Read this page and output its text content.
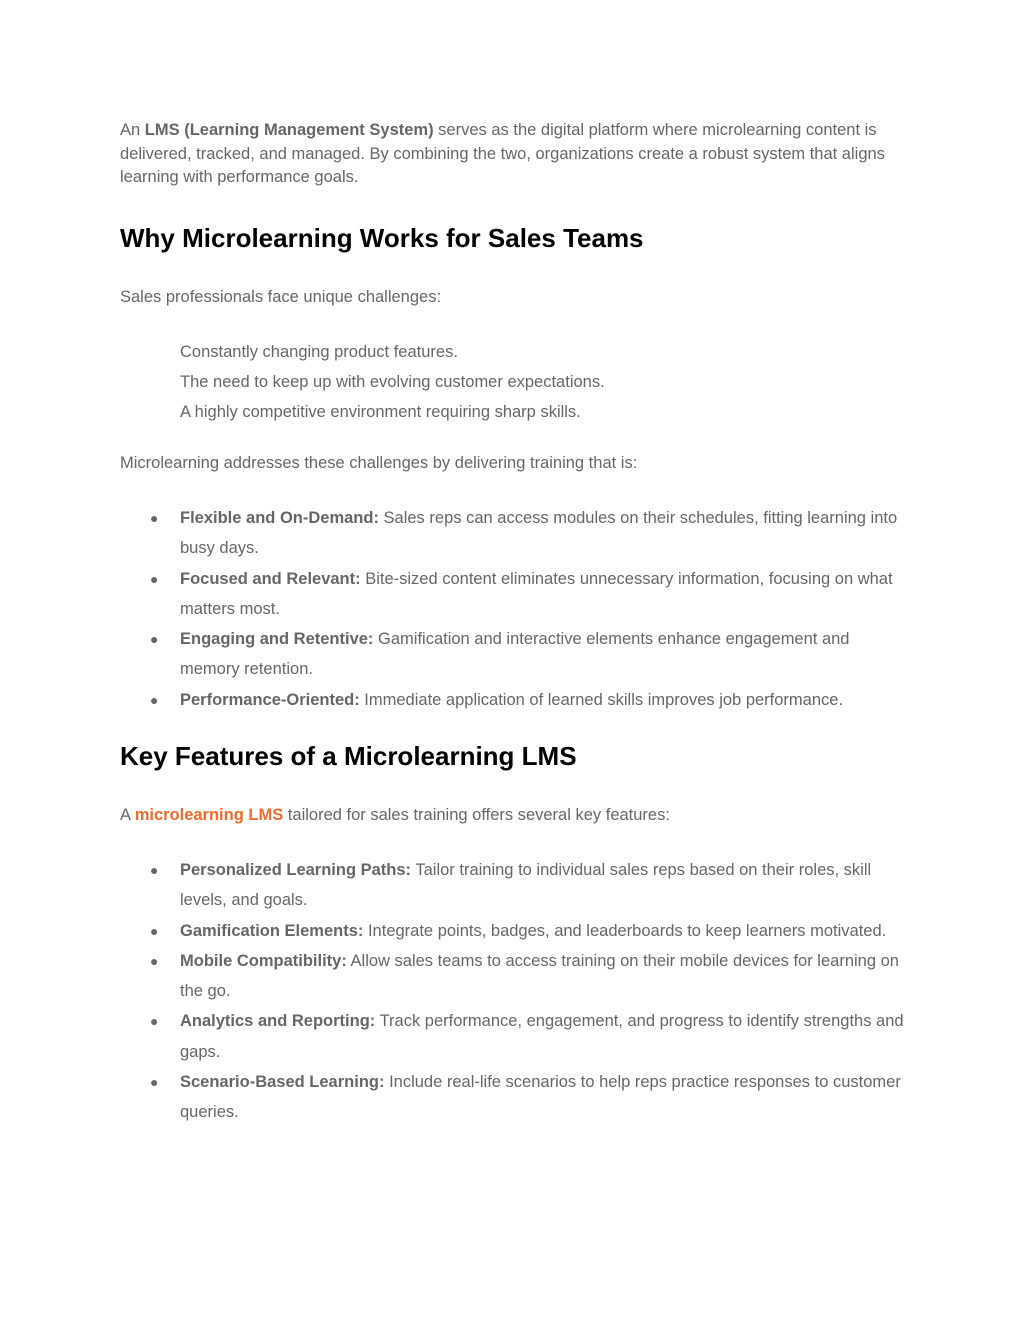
An LMS (Learning Management System) serves as the digital platform where microlearning content is delivered, tracked, and managed. By combining the two, organizations create a robust system that aligns learning with performance goals.

Why Microlearning Works for Sales Teams

Sales professionals face unique challenges:

Constantly changing product features.
The need to keep up with evolving customer expectations.
A highly competitive environment requiring sharp skills.

Microlearning addresses these challenges by delivering training that is:

● Flexible and On-Demand: Sales reps can access modules on their schedules, fitting learning into busy days.
● Focused and Relevant: Bite-sized content eliminates unnecessary information, focusing on what matters most.
● Engaging and Retentive: Gamification and interactive elements enhance engagement and memory retention.
● Performance-Oriented: Immediate application of learned skills improves job performance.
Key Features of a Microlearning LMS

A microlearning LMS tailored for sales training offers several key features:

● Personalized Learning Paths: Tailor training to individual sales reps based on their roles, skill levels, and goals.
● Gamification Elements: Integrate points, badges, and leaderboards to keep learners motivated.
● Mobile Compatibility: Allow sales teams to access training on their mobile devices for learning on the go.
● Analytics and Reporting: Track performance, engagement, and progress to identify strengths and gaps.
● Scenario-Based Learning: Include real-life scenarios to help reps practice responses to customer queries.
